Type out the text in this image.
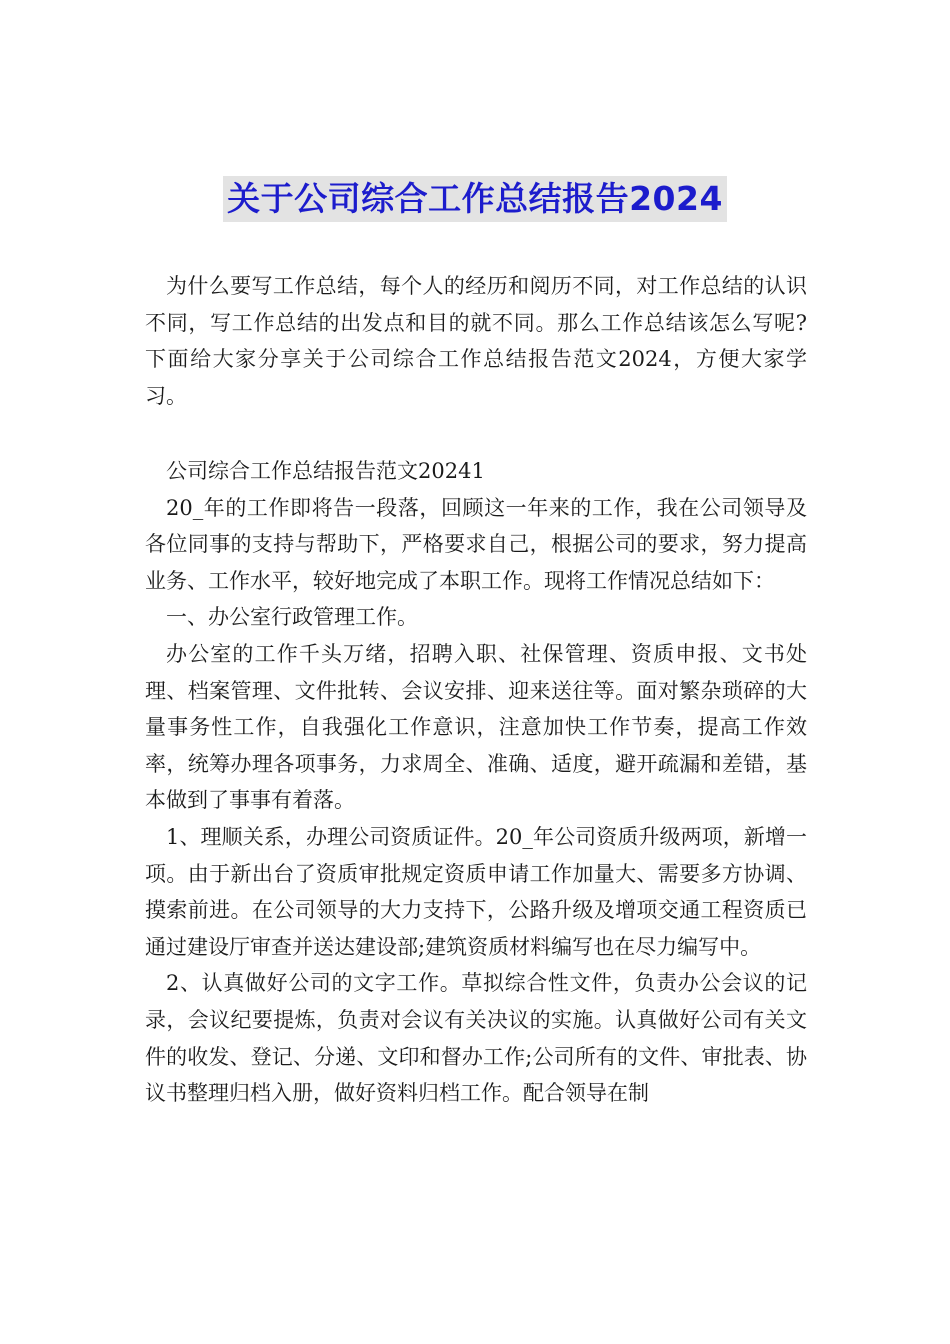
关于公司综合工作总结报告2024

为什么要写工作总结，每个人的经历和阅历不同，对工作总结的认识不同，写工作总结的出发点和目的就不同。那么工作总结该怎么写呢?下面给大家分享关于公司综合工作总结报告范文2024，方便大家学习。

公司综合工作总结报告范文20241

20_年的工作即将告一段落，回顾这一年来的工作，我在公司领导及各位同事的支持与帮助下，严格要求自己，根据公司的要求，努力提高业务、工作水平，较好地完成了本职工作。现将工作情况总结如下：

一、办公室行政管理工作。

办公室的工作千头万绪，招聘入职、社保管理、资质申报、文书处理、档案管理、文件批转、会议安排、迎来送往等。面对繁杂琐碎的大量事务性工作，自我强化工作意识，注意加快工作节奏，提高工作效率，统筹办理各项事务，力求周全、准确、适度，避开疏漏和差错，基本做到了事事有着落。

1、理顺关系，办理公司资质证件。20_年公司资质升级两项，新增一项。由于新出台了资质审批规定资质申请工作加量大、需要多方协调、摸索前进。在公司领导的大力支持下，公路升级及增项交通工程资质已通过建设厅审查并送达建设部;建筑资质材料编写也在尽力编写中。

2、认真做好公司的文字工作。草拟综合性文件，负责办公会议的记录，会议纪要提炼，负责对会议有关决议的实施。认真做好公司有关文件的收发、登记、分递、文印和督办工作;公司所有的文件、审批表、协议书整理归档入册，做好资料归档工作。配合领导在制
